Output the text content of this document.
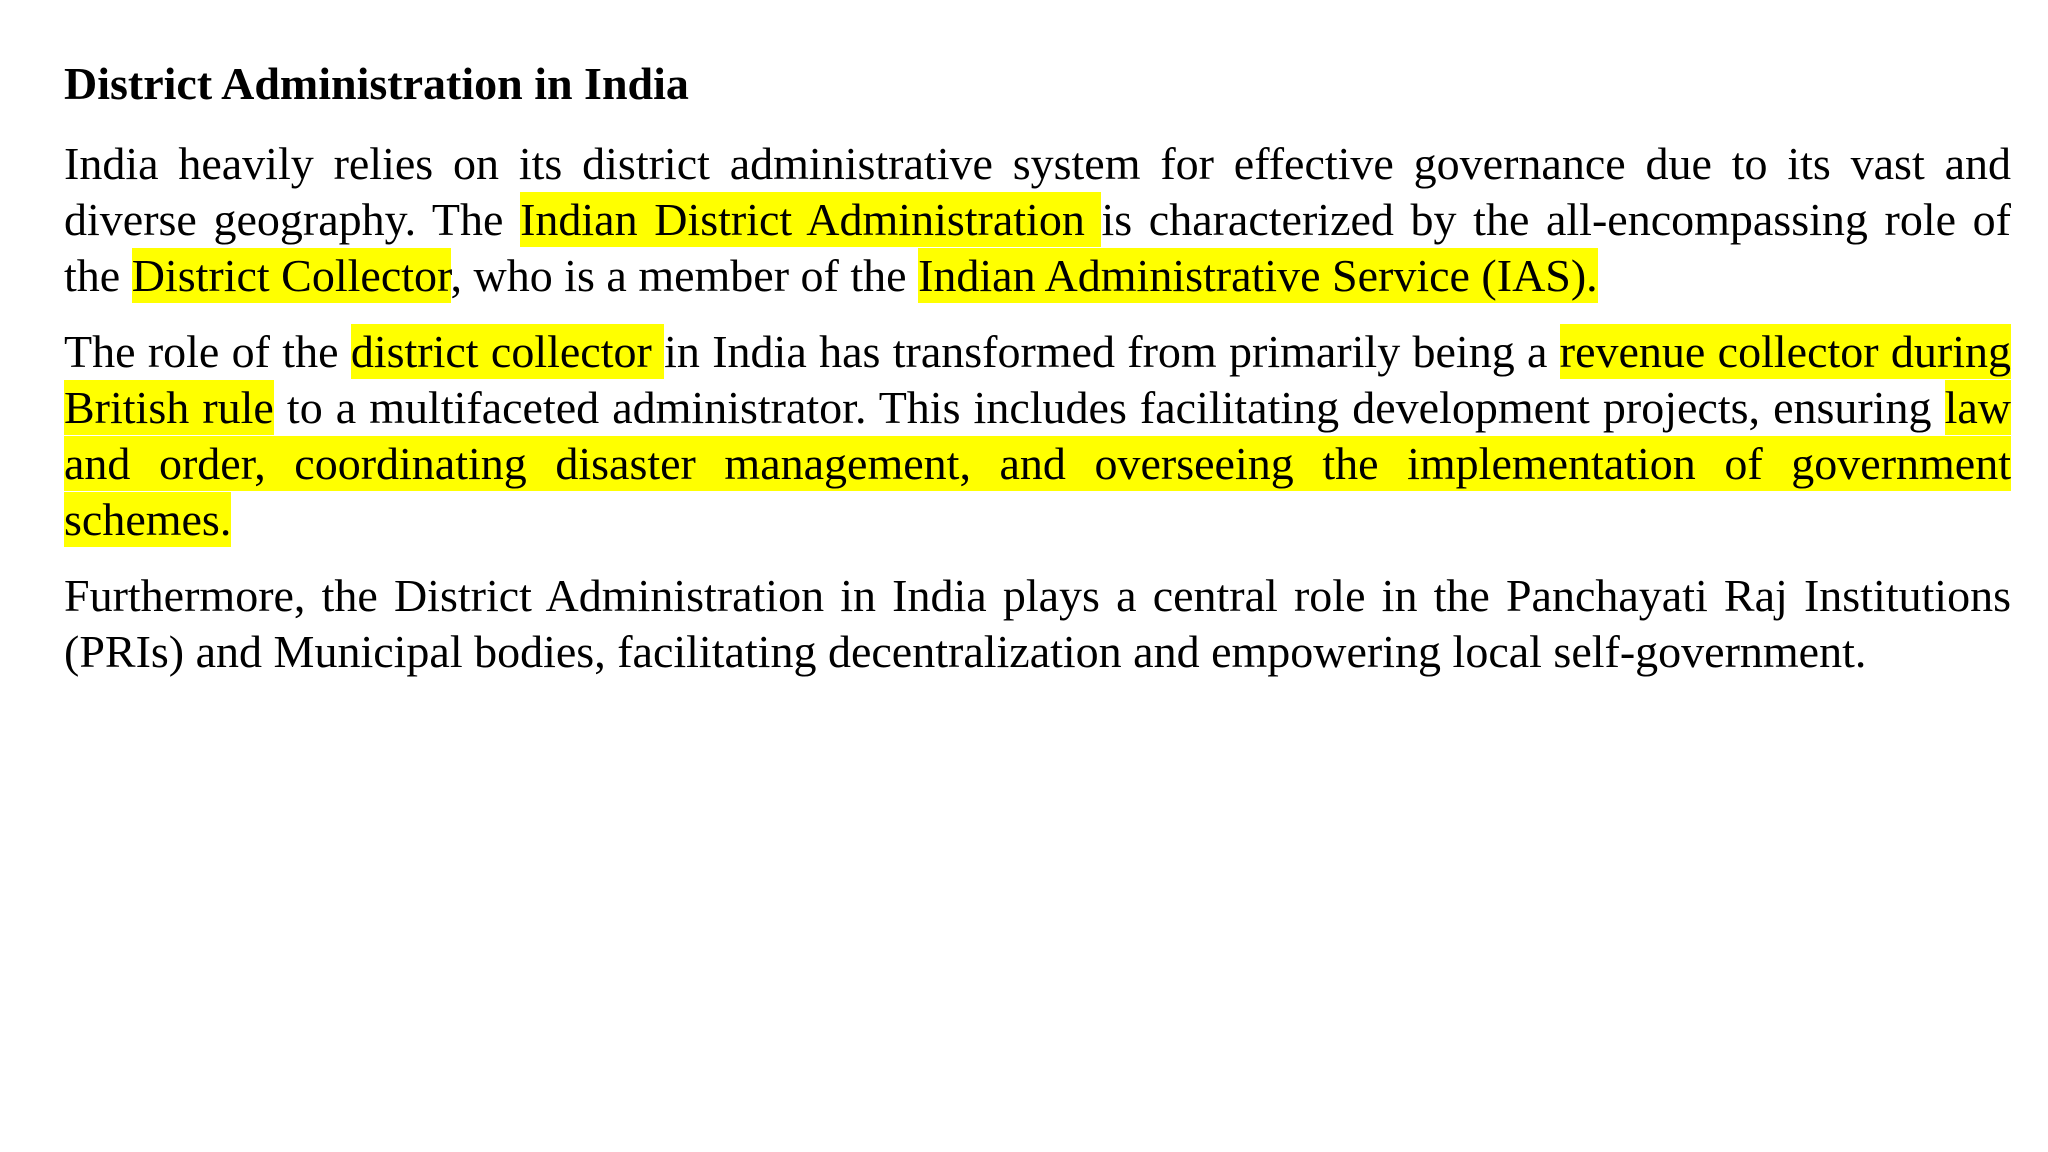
District Administration in India

India heavily relies on its district administrative system for effective governance due to its vast and diverse geography. The Indian District Administration is characterized by the all-encompassing role of the District Collector, who is a member of the Indian Administrative Service (IAS).

The role of the district collector in India has transformed from primarily being a revenue collector during British rule to a multifaceted administrator. This includes facilitating development projects, ensuring law and order, coordinating disaster management, and overseeing the implementation of government schemes.

Furthermore, the District Administration in India plays a central role in the Panchayati Raj Institutions (PRIs) and Municipal bodies, facilitating decentralization and empowering local self-government.
